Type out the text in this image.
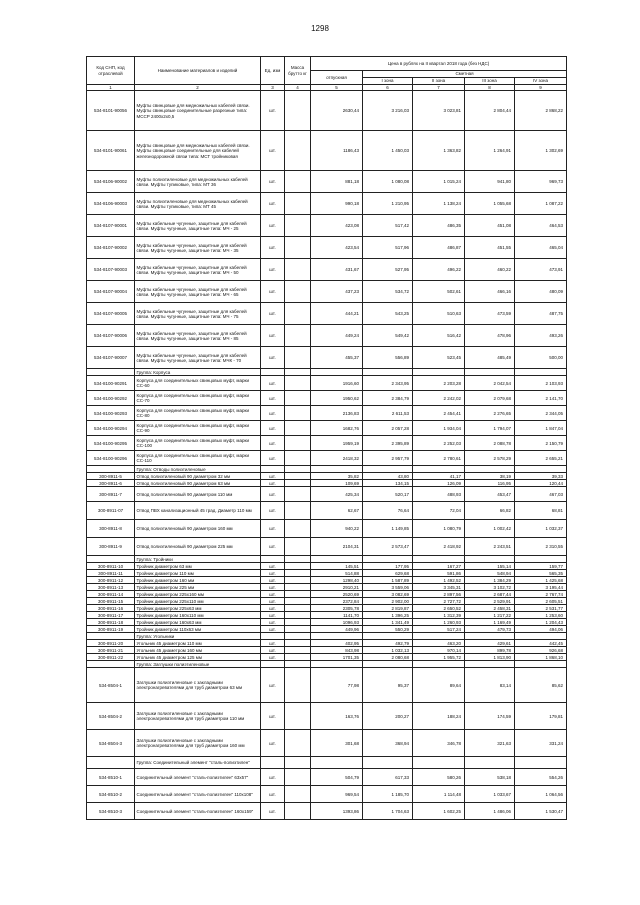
1298
Код СНП, код отраслевой	Наименование материалов и изделий	Ед. изм	Масса брутто кг	Цена в рублях на II квартал 2018 года (без НДС)				
				отпускная	Сметная			
					I зона	II зона	III зона	IV зона
1	2	3	4	5	6	7	8	9
534-8101-90056	Муфты свинцовые для медножильных кабелей связи. Муфты свинцовые соединительные разрезные типа: МССР 2400х2х0,5	шт.		2630,44	3 216,03	3 023,81	2 804,44	2 868,22
534-8101-90061	Муфты свинцовые для медножильных кабелей связи. Муфты свинцовые соединительные для кабелей железнодорожной связи типа: МСТ тройниковая	шт.		1186,43	1 450,03	1 363,82	1 264,91	1 302,69
534-8106-90002	Муфты полиэтиленовые для медножильных кабелей связи. Муфты тупиковые, типа: МТ 36	шт.		881,18	1 080,08	1 015,24	941,80	969,73
534-8106-90003	Муфты полиэтиленовые для медножильных кабелей связи. Муфты тупиковые, типа: МТ 45	шт.		990,18	1 210,95	1 138,24	1 055,68	1 087,22
534-8107-90001	Муфты кабельные чугунные, защитные для кабелей связи. Муфты чугунные, защитные типа: МЧ - 25	шт.		423,08	517,42	486,35	451,08	464,53
534-8107-90002	Муфты кабельные чугунные, защитные для кабелей связи. Муфты чугунные, защитные типа: МЧ - 35	шт.		423,54	517,96	486,87	451,55	465,04
534-8107-90003	Муфты кабельные чугунные, защитные для кабелей связи. Муфты чугунные, защитные типа: МЧ - 50	шт.		431,67	527,95	496,22	460,22	473,91
534-8107-90004	Муфты кабельные чугунные, защитные для кабелей связи. Муфты чугунные, защитные типа: МЧ - 65	шт.		437,23	534,72	502,61	466,16	480,09
534-8107-90005	Муфты кабельные чугунные, защитные для кабелей связи. Муфты чугунные, защитные типа: МЧ - 75	шт.		444,21	543,25	510,63	473,59	487,75
534-8107-90006	Муфты кабельные чугунные, защитные для кабелей связи. Муфты чугунные, защитные типа: МЧ - 85	шт.		449,24	549,42	516,42	478,96	493,26
534-8107-90007	Муфты кабельные чугунные, защитные для кабелей связи. Муфты чугунные, защитные типа: МЧК - 70	шт.		455,37	556,89	523,45	485,49	500,00
	Группа: Корпуса							
534-8100-90291	Корпуса для соединительных свинцовых муфт, марки СС-60	шт.		1916,60	2 343,95	2 203,28	2 042,54	2 103,93
534-8100-90292	Корпуса для соединительных свинцовых муфт, марки СС-70	шт.		1950,62	2 384,79	2 242,02	2 079,68	2 141,70
534-8100-90293	Корпуса для соединительных свинцовых муфт, марки СС-80	шт.		2136,83	2 611,53	2 454,41	2 276,65	2 344,05
534-8100-90294	Корпуса для соединительных свинцовых муфт, марки СС-90	шт.		1682,76	2 057,28	1 934,04	1 794,07	1 847,04
534-8100-90295	Корпуса для соединительных свинцовых муфт, марки СС-100	шт.		1959,19	2 395,89	2 252,03	2 088,78	2 150,79
534-8100-90296	Корпуса для соединительных свинцовых муфт, марки СС-110	шт.		2418,32	2 957,79	2 780,61	2 578,29	2 655,21
	Группа: Отводы полиэтиленовые							
300-8911-5	Отвод полиэтиленовый 90 диаметром 32 мм	шт.		35,82	43,80	41,17	38,19	39,33
300-8911-6	Отвод полиэтиленовый 90 диаметром 63 мм	шт.		109,69	134,15	126,09	116,95	120,44
300-8911-7	Отвод полиэтиленовый 90 диаметром 110 мм	шт.		425,34	520,17	488,93	453,47	467,03
300-8911-07	Отвод ПВХ канализационный 45 град. Диаметр 110 мм	шт.		62,67	76,64	72,04	66,82	68,81
300-8911-8	Отвод полиэтиленовый 90 диаметром 160 мм	шт.		940,22	1 149,85	1 080,79	1 002,42	1 032,37
300-8911-9	Отвод полиэтиленовый 90 диаметром 225 мм	шт.		2104,31	2 573,47	2 418,92	2 243,51	2 310,55
	Группа: Тройники							
300-8911-10	Тройник диаметром 63 мм	шт.		145,51	177,95	167,27	155,14	159,77
300-8911-11	Тройник диаметром 110 мм	шт.		514,88	629,68	591,86	548,94	565,35
300-8911-12	Тройник диаметром 160 мм	шт.		1298,40	1 587,89	1 492,52	1 384,29	1 425,68
300-8911-13	Тройник диаметром 225 мм	шт.		2910,21	3 559,06	3 345,31	3 102,72	3 195,44
300-8911-14	Тройник диаметром 225х160 мм	шт.		2520,69	3 082,69	2 897,56	2 687,44	2 767,74
300-8911-15	Тройник диаметром 225х110 мм	шт.		2372,84	2 902,00	2 727,72	2 529,91	2 605,51
300-8911-16	Тройник диаметром 225х63 мм	шт.		2305,78	2 819,87	2 650,52	2 458,31	2 531,77
300-8911-17	Тройник диаметром 160х110 мм	шт.		1141,70	1 396,25	1 312,39	1 217,22	1 253,60
300-8911-18	Тройник диаметром 160х63 мм	шт.		1096,93	1 341,49	1 260,93	1 169,49	1 204,43
300-8911-19	Тройник диаметром 110х63 мм	шт.		449,96	550,29	517,24	479,73	494,06
	Группа: Угольники							
300-8911-20	Угольник 45 диаметром 110 мм	шт.		402,95	492,79	463,20	429,61	442,45
300-8911-21	Угольник 45 диаметром 160 мм	шт.		843,98	1 032,13	970,14	899,78	926,68
300-8911-22	Угольник 45 диаметром 125 мм	шт.		1701,35	2 080,68	1 955,72	1 813,90	1 868,10
	Группа: Заглушки полиэтиленовые							
534-8504-1	Заглушки полиэтиленовые с закладными электронагревателями для труб диаметром 63 мм	шт.		77,98	95,37	89,64	83,14	85,62
534-8504-2	Заглушки полиэтиленовые с закладными электронагревателями для труб диаметром 110 мм	шт.		163,76	200,27	188,24	174,59	179,81
534-8504-3	Заглушки полиэтиленовые с закладными электронагревателями для труб диаметром 160 мм	шт.		301,68	368,94	346,78	321,63	331,24
	Группа: Соединительный элемент "сталь-полиэтилен"							
534-8510-1	Соединительный элемент "сталь-полиэтилен" 63х57"	шт.		504,79	617,33	580,26	538,18	554,26
534-8510-2	Соединительный элемент "сталь-полиэтилен" 110х108"	шт.		969,54	1 185,70	1 114,48	1 033,67	1 064,56
534-8510-3	Соединительный элемент "сталь-полиэтилен" 160х159"	шт.		1393,86	1 704,63	1 602,25	1 486,06	1 530,47
